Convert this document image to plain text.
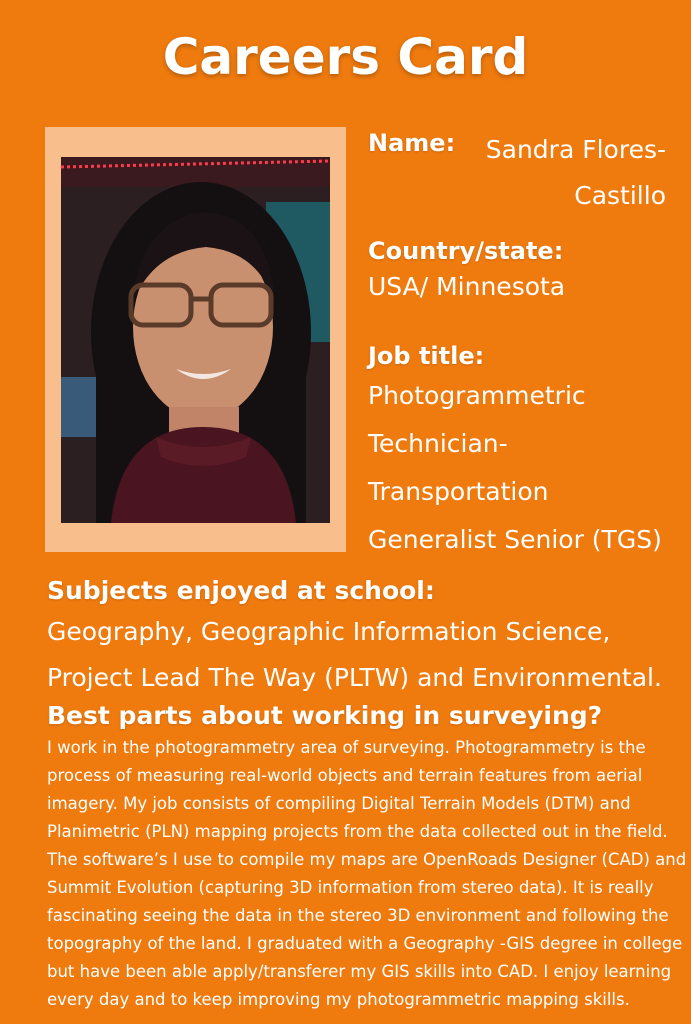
Careers Card
Name:	Sandra Flores-
Castillo
Country/state:
USA/ Minnesota
Job title:
Photogrammetric
Technician-
Transportation
Generalist Senior (TGS)
Subjects enjoyed at school:
Geography, Geographic Information Science,
Project Lead The Way (PLTW) and Environmental.
Best parts about working in surveying?
I work in the photogrammetry area of surveying. Photogrammetry is the
process of measuring real-world objects and terrain features from aerial
imagery. My job consists of compiling Digital Terrain Models (DTM) and
Planimetric (PLN) mapping projects from the data collected out in the field.
The software’s I use to compile my maps are OpenRoads Designer (CAD) and
Summit Evolution (capturing 3D information from stereo data). It is really
fascinating seeing the data in the stereo 3D environment and following the
topography of the land. I graduated with a Geography -GIS degree in college
but have been able apply/transferer my GIS skills into CAD. I enjoy learning
every day and to keep improving my photogrammetric mapping skills.
